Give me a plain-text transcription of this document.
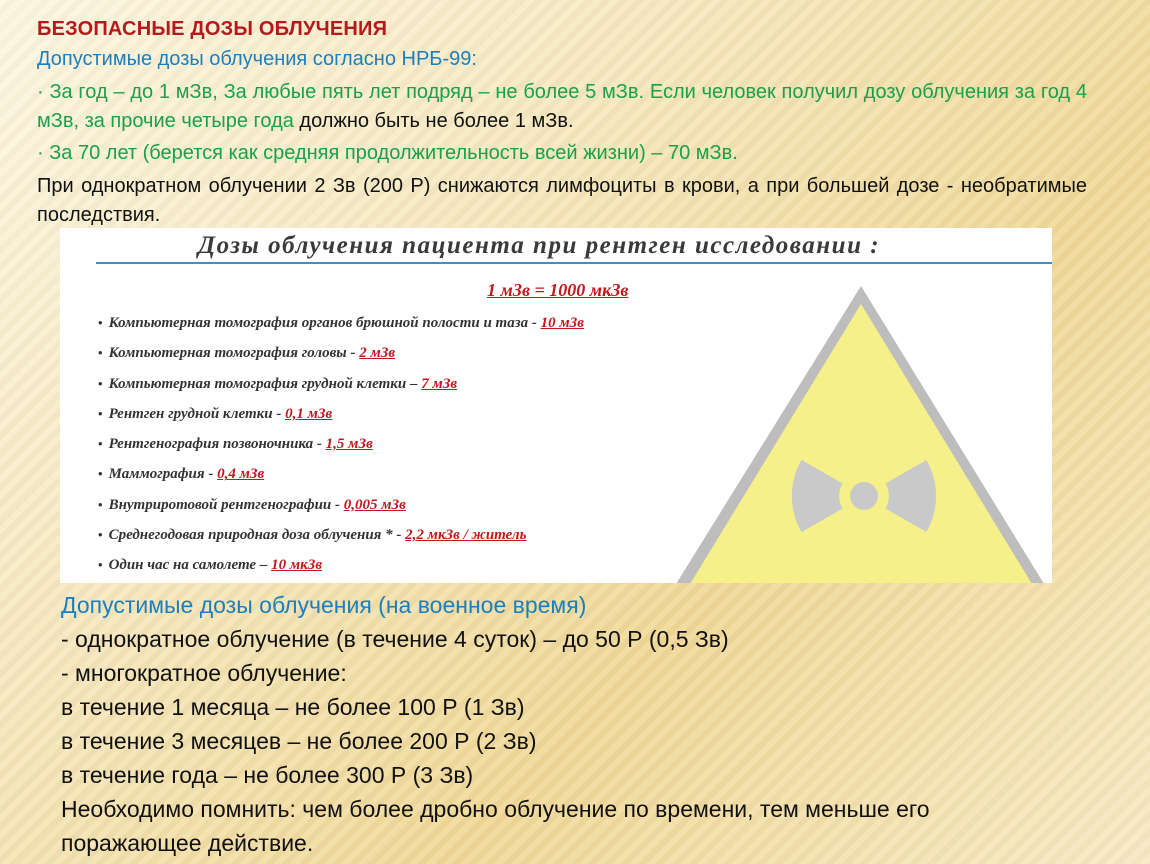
БЕЗОПАСНЫЕ ДОЗЫ ОБЛУЧЕНИЯ
Допустимые дозы облучения согласно НРБ-99:
· За год – до 1 мЗв, За любые пять лет подряд – не более 5 мЗв. Если человек получил дозу облучения за год 4 мЗв, за прочие четыре года должно быть не более 1 мЗв.
· За 70 лет (берется как средняя продолжительность всей жизни) – 70 мЗв.
При однократном облучении 2 Зв (200 Р) снижаются лимфоциты в крови, а при большей дозе - необратимые последствия.
Дозы облучения пациента при рентген исследовании :
1 мЗв = 1000 мкЗв
• Компьютерная томография органов брюшной полости и таза - 10 мЗв
• Компьютерная томография головы - 2 мЗв
• Компьютерная томография грудной клетки – 7 мЗв
• Рентген грудной клетки - 0,1 мЗв
• Рентгенография позвоночника - 1,5 мЗв
• Маммография - 0,4 мЗв
• Внутриротовой рентгенографии - 0,005 мЗв
• Среднегодовая природная доза облучения * - 2,2 мкЗв / житель
• Один час на самолете – 10 мкЗв
Допустимые дозы облучения (на военное время)
- однократное облучение (в течение 4 суток) – до 50 Р (0,5 Зв)
- многократное облучение:
в течение 1 месяца – не более 100 Р (1 Зв)
в течение 3 месяцев – не более 200 Р (2 Зв)
в течение года – не более 300 Р (3 Зв)
Необходимо помнить: чем более дробно облучение по времени, тем меньше его
поражающее действие.
